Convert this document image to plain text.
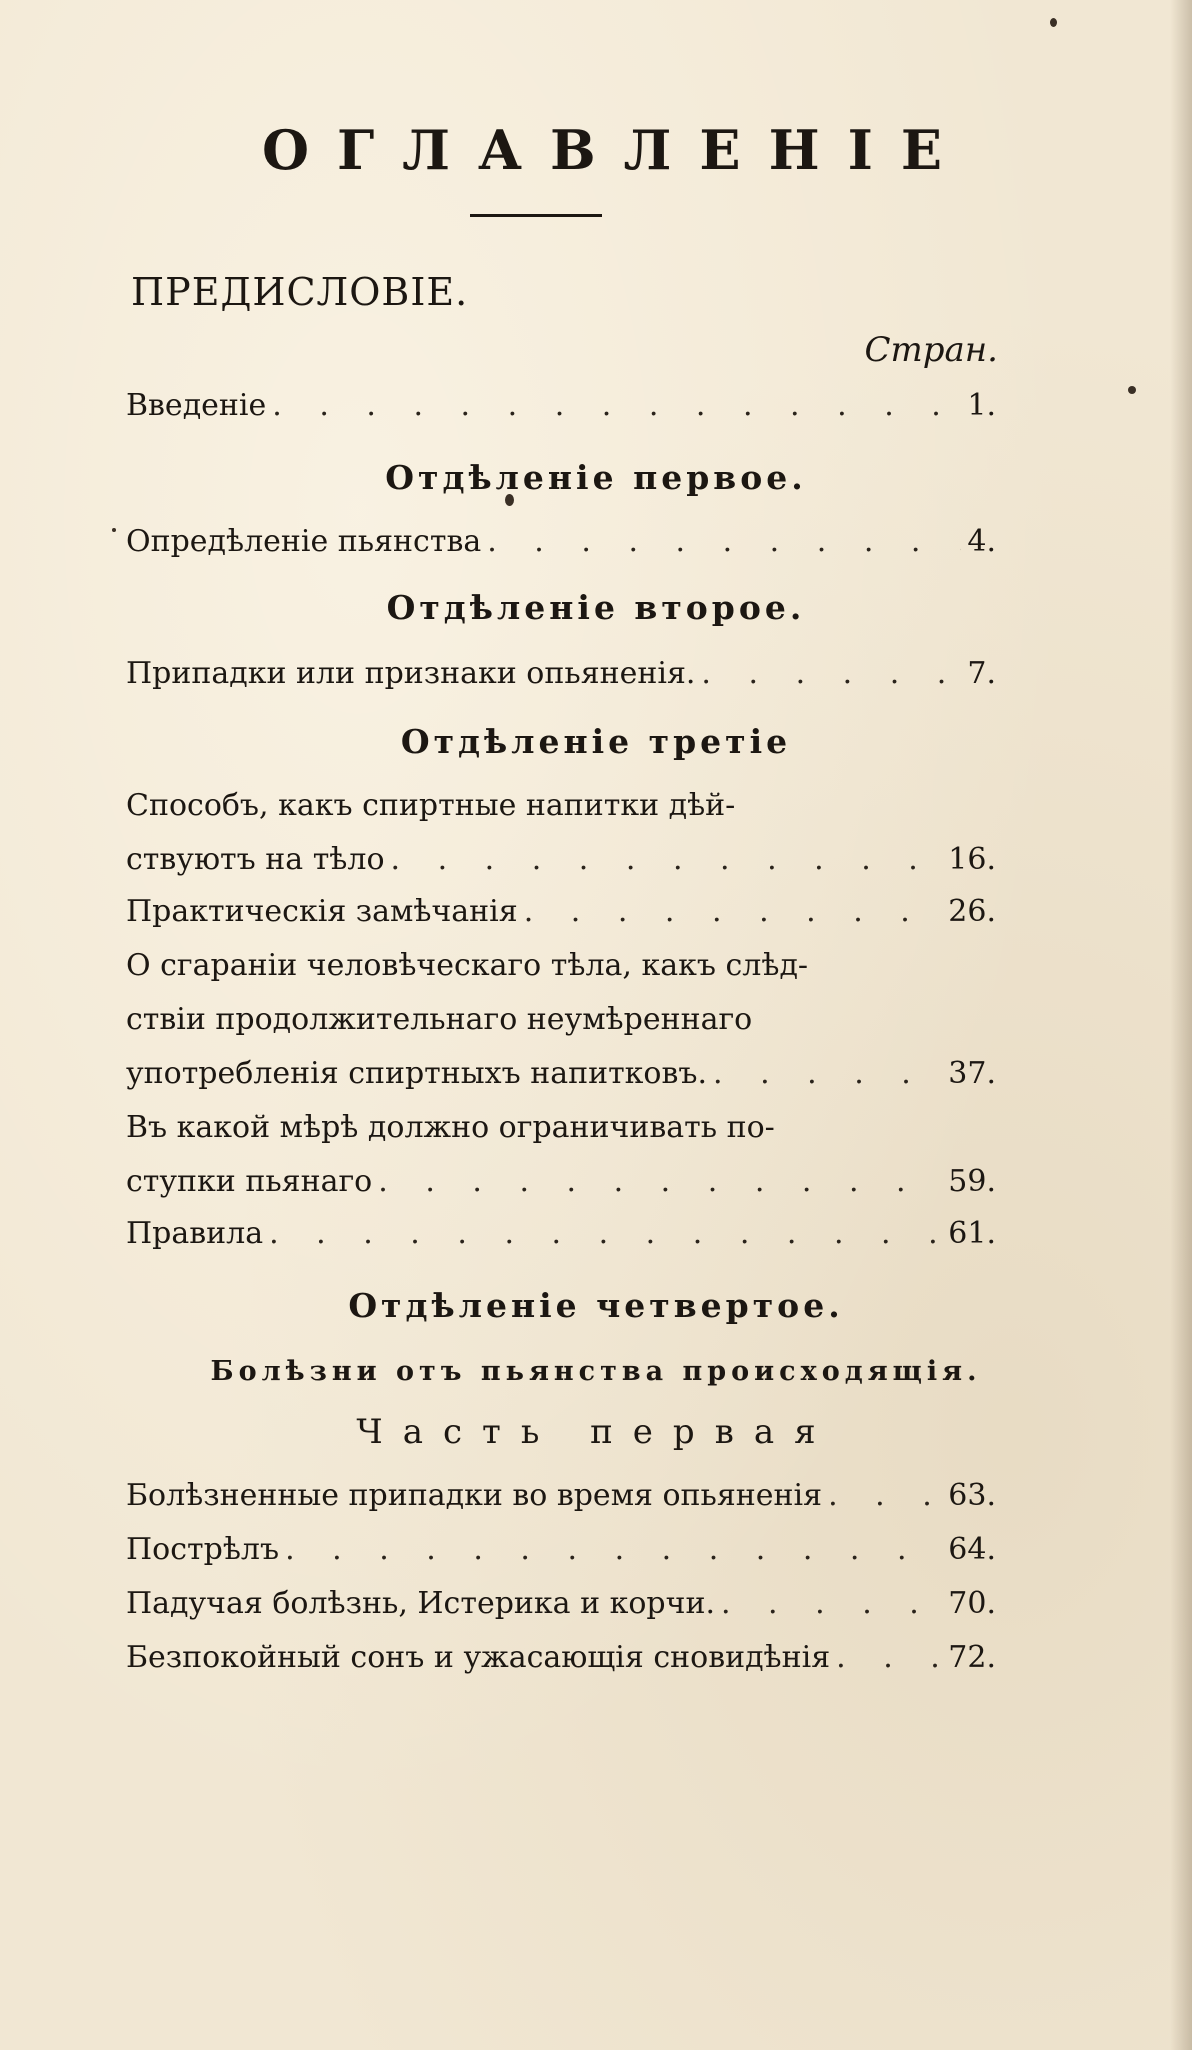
ОГЛАВЛЕНІЕ
ПРЕДИСЛОВІЕ.
Стран.
Введеніе . . .	1.
Отдѣленіе первое.
Опредѣленіе пьянства . . .	4.
Отдѣленіе второе.
Припадки или признаки опьяненія. . . .	7.
Отдѣленіе третіе
Способъ, какъ спиртные напитки дѣй-
ствуютъ на тѣло . . .	16.
Практическія замѣчанія . . .	26.
О сгараніи человѣческаго тѣла, какъ слѣд-
ствіи продолжительнаго неумѣреннаго
употребленія спиртныхъ напитковъ. . . .	37.
Въ какой мѣрѣ должно ограничивать по-
ступки пьянаго . . .	59.
Правила . . .	61.
Отдѣленіе четвертое.
Болѣзни отъ пьянства происходящія.
Часть первая
Болѣзненные припадки во время опьяненія . . .	63.
Пострѣлъ . . .	64.
Падучая болѣзнь, Истерика и корчи. . . .	70.
Безпокойный сонъ и ужасающія сновидѣнія . . .	72.
